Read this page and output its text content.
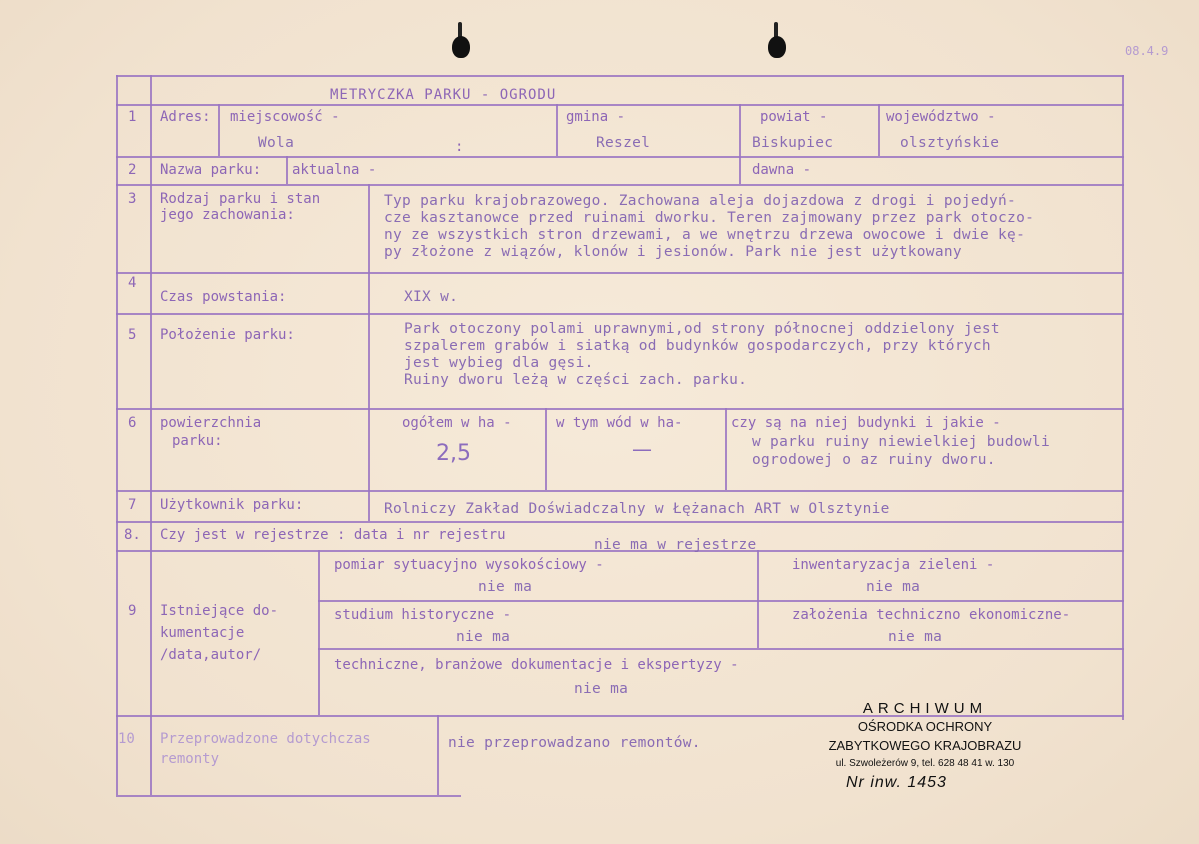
08.4.9
METRYCZKA PARKU - OGRODU
1 Adres: miejscowość -
Wola	:
gmina -
Reszel
powiat -
Biskupiec
województwo -
olsztyńskie
2 Nazwa parku: aktualna -	dawna -
3 Rodzaj parku i stan
jego zachowania:
Typ parku krajobrazowego. Zachowana aleja dojazdowa z drogi i pojedyń-
cze kasztanowce przed ruinami dworku. Teren zajmowany przez park otoczo-
ny ze wszystkich stron drzewami, a we wnętrzu drzewa owocowe i dwie kę-
py złożone z wiązów, klonów i jesionów. Park nie jest użytkowany
4
Czas powstania:	XIX w.
5 Położenie parku:	Park otoczony polami uprawnymi,od strony północnej oddzielony jest
szpalerem grabów i siatką od budynków gospodarczych, przy których
jest wybieg dla gęsi.
Ruiny dworu leżą w części zach. parku.
6 powierzchnia
parku:
ogółem w ha -
2,5
w tym wód w ha-
—
czy są na niej budynki i jakie -
w parku ruiny niewielkiej budowli
ogrodowej o az ruiny dworu.
7 Użytkownik parku:	Rolniczy Zakład Doświadczalny w Łężanach ART w Olsztynie
8. Czy jest w rejestrze : data i nr rejestru
nie ma w rejestrze
9 Istniejące do-
kumentacje
/data,autor/
pomiar sytuacyjno wysokościowy -
nie ma
inwentaryzacja zieleni -
nie ma
studium historyczne -
nie ma
założenia techniczno ekonomiczne-
nie ma
techniczne, branżowe dokumentacje i ekspertyzy -
nie ma
10 Przeprowadzone dotychczas
remonty
nie przeprowadzano remontów.
ARCHIWUM
OŚRODKA OCHRONY
ZABYTKOWEGO KRAJOBRAZU
ul. Szwoleżerów 9, tel. 628 48 41 w. 130
Nr inw. 1453
